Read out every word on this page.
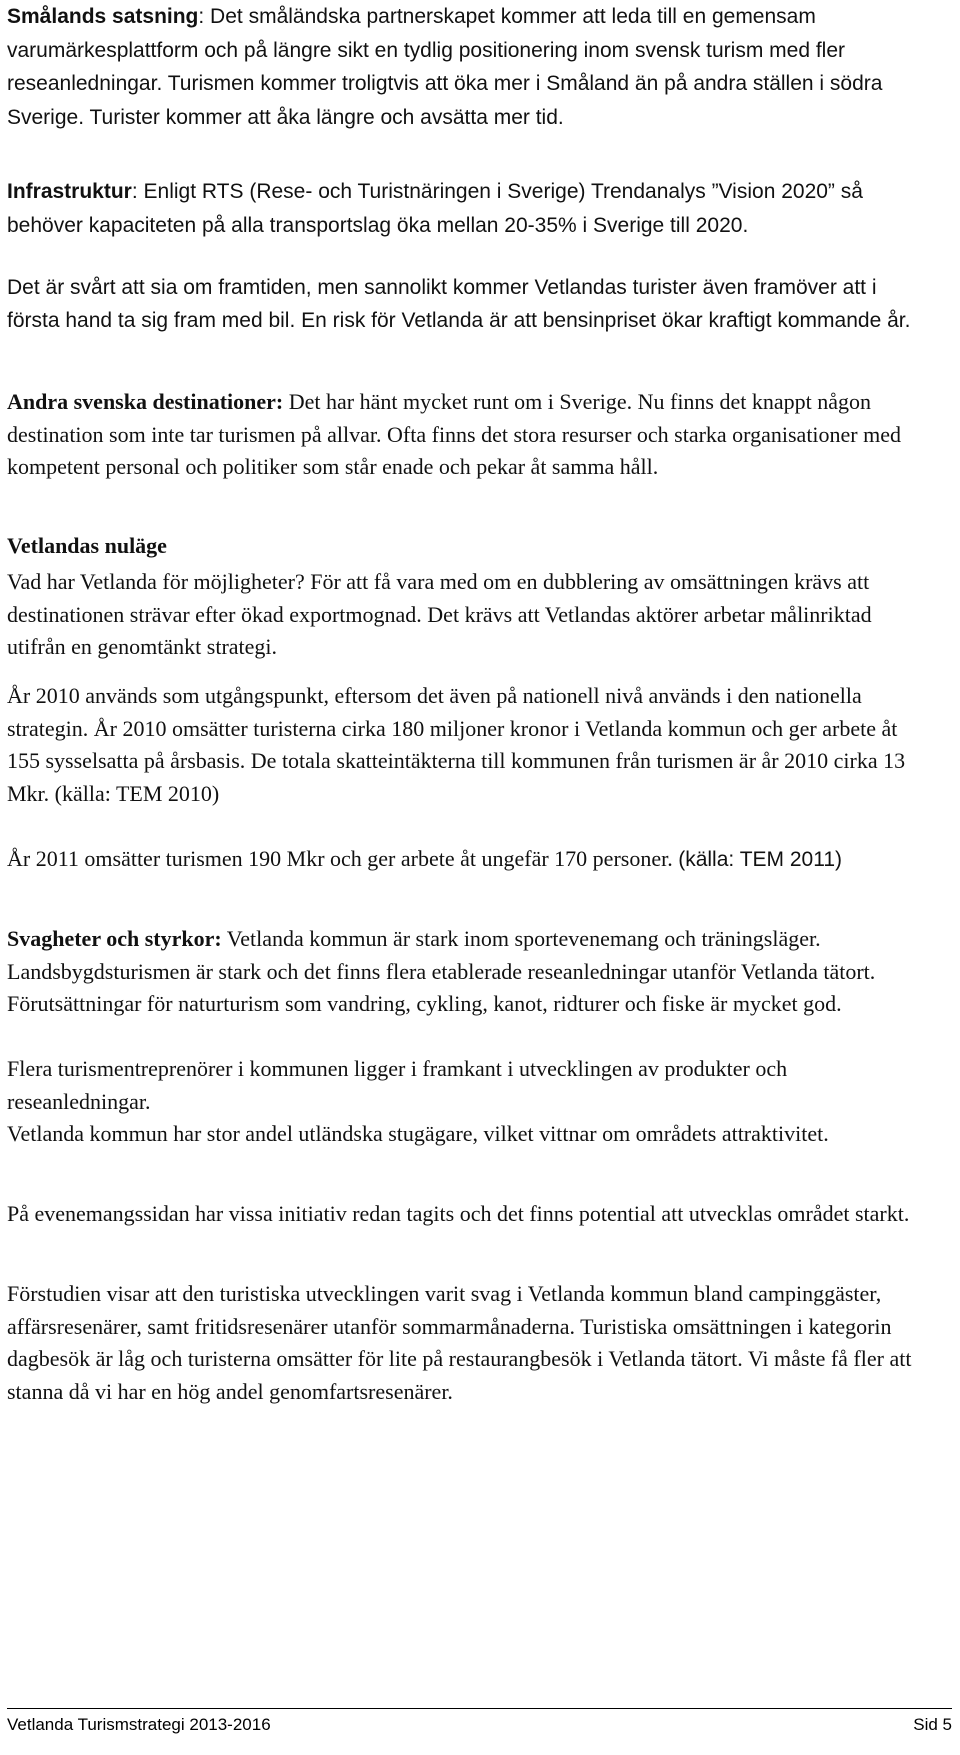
Smålands satsning: Det småländska partnerskapet kommer att leda till en gemensam varumärkesplattform och på längre sikt en tydlig positionering inom svensk turism med fler reseanledningar. Turismen kommer troligtvis att öka mer i Småland än på andra ställen i södra Sverige. Turister kommer att åka längre och avsätta mer tid.

Infrastruktur: Enligt RTS (Rese- och Turistnäringen i Sverige) Trendanalys ”Vision 2020” så behöver kapaciteten på alla transportslag öka mellan 20-35% i Sverige till 2020.

Det är svårt att sia om framtiden, men sannolikt kommer Vetlandas turister även framöver att i första hand ta sig fram med bil. En risk för Vetlanda är att bensinpriset ökar kraftigt kommande år.

Andra svenska destinationer: Det har hänt mycket runt om i Sverige. Nu finns det knappt någon destination som inte tar turismen på allvar. Ofta finns det stora resurser och starka organisationer med kompetent personal och politiker som står enade och pekar åt samma håll.

Vetlandas nuläge

Vad har Vetlanda för möjligheter? För att få vara med om en dubblering av omsättningen krävs att destinationen strävar efter ökad exportmognad. Det krävs att Vetlandas aktörer arbetar målinriktad utifrån en genomtänkt strategi.

År 2010 används som utgångspunkt, eftersom det även på nationell nivå används i den nationella strategin. År 2010 omsätter turisterna cirka 180 miljoner kronor i Vetlanda kommun och ger arbete åt 155 sysselsatta på årsbasis. De totala skatteintäkterna till kommunen från turismen är år 2010 cirka 13 Mkr. (källa: TEM 2010)

År 2011 omsätter turismen 190 Mkr och ger arbete åt ungefär 170 personer. (källa: TEM 2011)

Svagheter och styrkor: Vetlanda kommun är stark inom sportevenemang och träningsläger. Landsbygdsturismen är stark och det finns flera etablerade reseanledningar utanför Vetlanda tätort. Förutsättningar för naturturism som vandring, cykling, kanot, ridturer och fiske är mycket god.

Flera turismentreprenörer i kommunen ligger i framkant i utvecklingen av produkter och reseanledningar.

Vetlanda kommun har stor andel utländska stugägare, vilket vittnar om områdets attraktivitet.

På evenemangssidan har vissa initiativ redan tagits och det finns potential att utvecklas området starkt.

Förstudien visar att den turistiska utvecklingen varit svag i Vetlanda kommun bland campinggäster, affärsresenärer, samt fritidsresenärer utanför sommarmånaderna. Turistiska omsättningen i kategorin dagbesök är låg och turisterna omsätter för lite på restaurangbesök i Vetlanda tätort. Vi måste få fler att stanna då vi har en hög andel genomfartsresenärer.

Vetlanda Turismstrategi 2013-2016	Sid 5
